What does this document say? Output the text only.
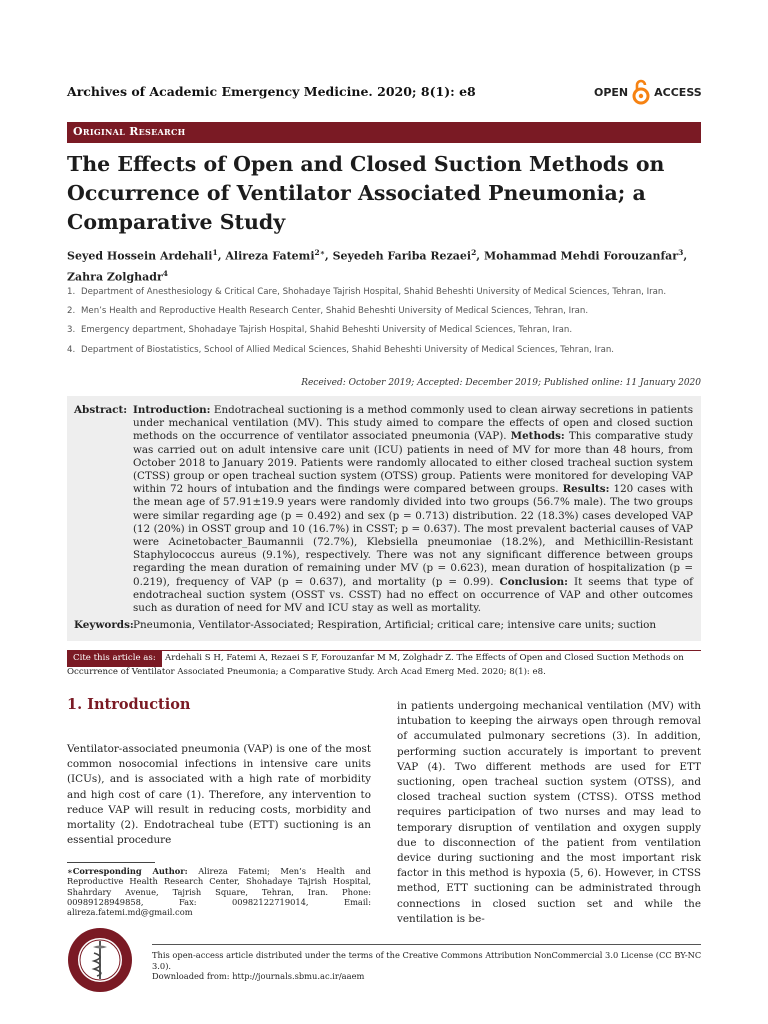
Archives of Academic Emergency Medicine. 2020; 8(1): e8	OPEN ACCESS
Original Research
The Effects of Open and Closed Suction Methods on Occurrence of Ventilator Associated Pneumonia; a Comparative Study

Seyed Hossein Ardehali$^1$, Alireza Fatemi$^{2∗}$, Seyedeh Fariba Rezaei$^2$, Mohammad Mehdi Forouzanfar$^3$, Zahra Zolghadr$^4$

1. Department of Anesthesiology & Critical Care, Shohadaye Tajrish Hospital, Shahid Beheshti University of Medical Sciences, Tehran, Iran.
2. Men’s Health and Reproductive Health Research Center, Shahid Beheshti University of Medical Sciences, Tehran, Iran.
3. Emergency department, Shohadaye Tajrish Hospital, Shahid Beheshti University of Medical Sciences, Tehran, Iran.
4. Department of Biostatistics, School of Allied Medical Sciences, Shahid Beheshti University of Medical Sciences, Tehran, Iran.
Received: October 2019; Accepted: December 2019; Published online: 11 January 2020
Abstract: Introduction: Endotracheal suctioning is a method commonly used to clean airway secretions in patients under mechanical ventilation (MV). This study aimed to compare the effects of open and closed suction methods on the occurrence of ventilator associated pneumonia (VAP). Methods: This comparative study was carried out on adult intensive care unit (ICU) patients in need of MV for more than 48 hours, from October 2018 to January 2019. Patients were randomly allocated to either closed tracheal suction system (CTSS) group or open tracheal suction system (OTSS) group. Patients were monitored for developing VAP within 72 hours of intubation and the findings were compared between groups. Results: 120 cases with the mean age of 57.91±19.9 years were randomly divided into two groups (56.7% male). The two groups were similar regarding age (p = 0.492) and sex (p = 0.713) distribution. 22 (18.3%) cases developed VAP (12 (20%) in OSST group and 10 (16.7%) in CSST; p = 0.637). The most prevalent bacterial causes of VAP were Acinetobacter_Baumannii (72.7%), Klebsiella pneumoniae (18.2%), and Methicillin-Resistant Staphylococcus aureus (9.1%), respectively. There was not any significant difference between groups regarding the mean duration of remaining under MV (p = 0.623), mean duration of hospitalization (p = 0.219), frequency of VAP (p = 0.637), and mortality (p = 0.99). Conclusion: It seems that type of endotracheal suction system (OSST vs. CSST) had no effect on occurrence of VAP and other outcomes such as duration of need for MV and ICU stay as well as mortality.

Keywords: Pneumonia, Ventilator-Associated; Respiration, Artificial; critical care; intensive care units; suction

Ardehali S H, Fatemi A, Rezaei S F, Forouzanfar M M, Zolghadr Z. The Effects of Open and Closed Suction Methods on Occurrence of Ventilator Associated Pneumonia; a Comparative Study. Arch Acad Emerg Med. 2020; 8(1): e8.

Cite this article as:
1. Introduction

Ventilator-associated pneumonia (VAP) is one of the most common nosocomial infections in intensive care units (ICUs), and is associated with a high rate of morbidity and high cost of care (1). Therefore, any intervention to reduce VAP will result in reducing costs, morbidity and mortality (2). Endotracheal tube (ETT) suctioning is an essential procedure

in patients undergoing mechanical ventilation (MV) with intubation to keeping the airways open through removal of accumulated pulmonary secretions (3). In addition, performing suction accurately is important to prevent VAP (4). Two different methods are used for ETT suctioning, open tracheal suction system (OTSS), and closed tracheal suction system (CTSS). OTSS method requires participation of two nurses and may lead to temporary disruption of ventilation and oxygen supply due to disconnection of the patient from ventilation device during suctioning and the most important risk factor in this method is hypoxia (5, 6). However, in CTSS method, ETT suctioning can be administrated through connections in closed suction set and while the ventilation is be-

∗Corresponding Author: Alireza Fatemi; Men’s Health and Reproductive Health Research Center, Shohadaye Tajrish Hospital, Shahrdary Avenue, Tajrish Square, Tehran, Iran. Phone: 00989128949858, Fax: 00982122719014, Email: alireza.fatemi.md@gmail.com

This open-access article distributed under the terms of the Creative Commons Attribution NonCommercial 3.0 License (CC BY-NC 3.0).
Downloaded from: http://journals.sbmu.ac.ir/aaem
